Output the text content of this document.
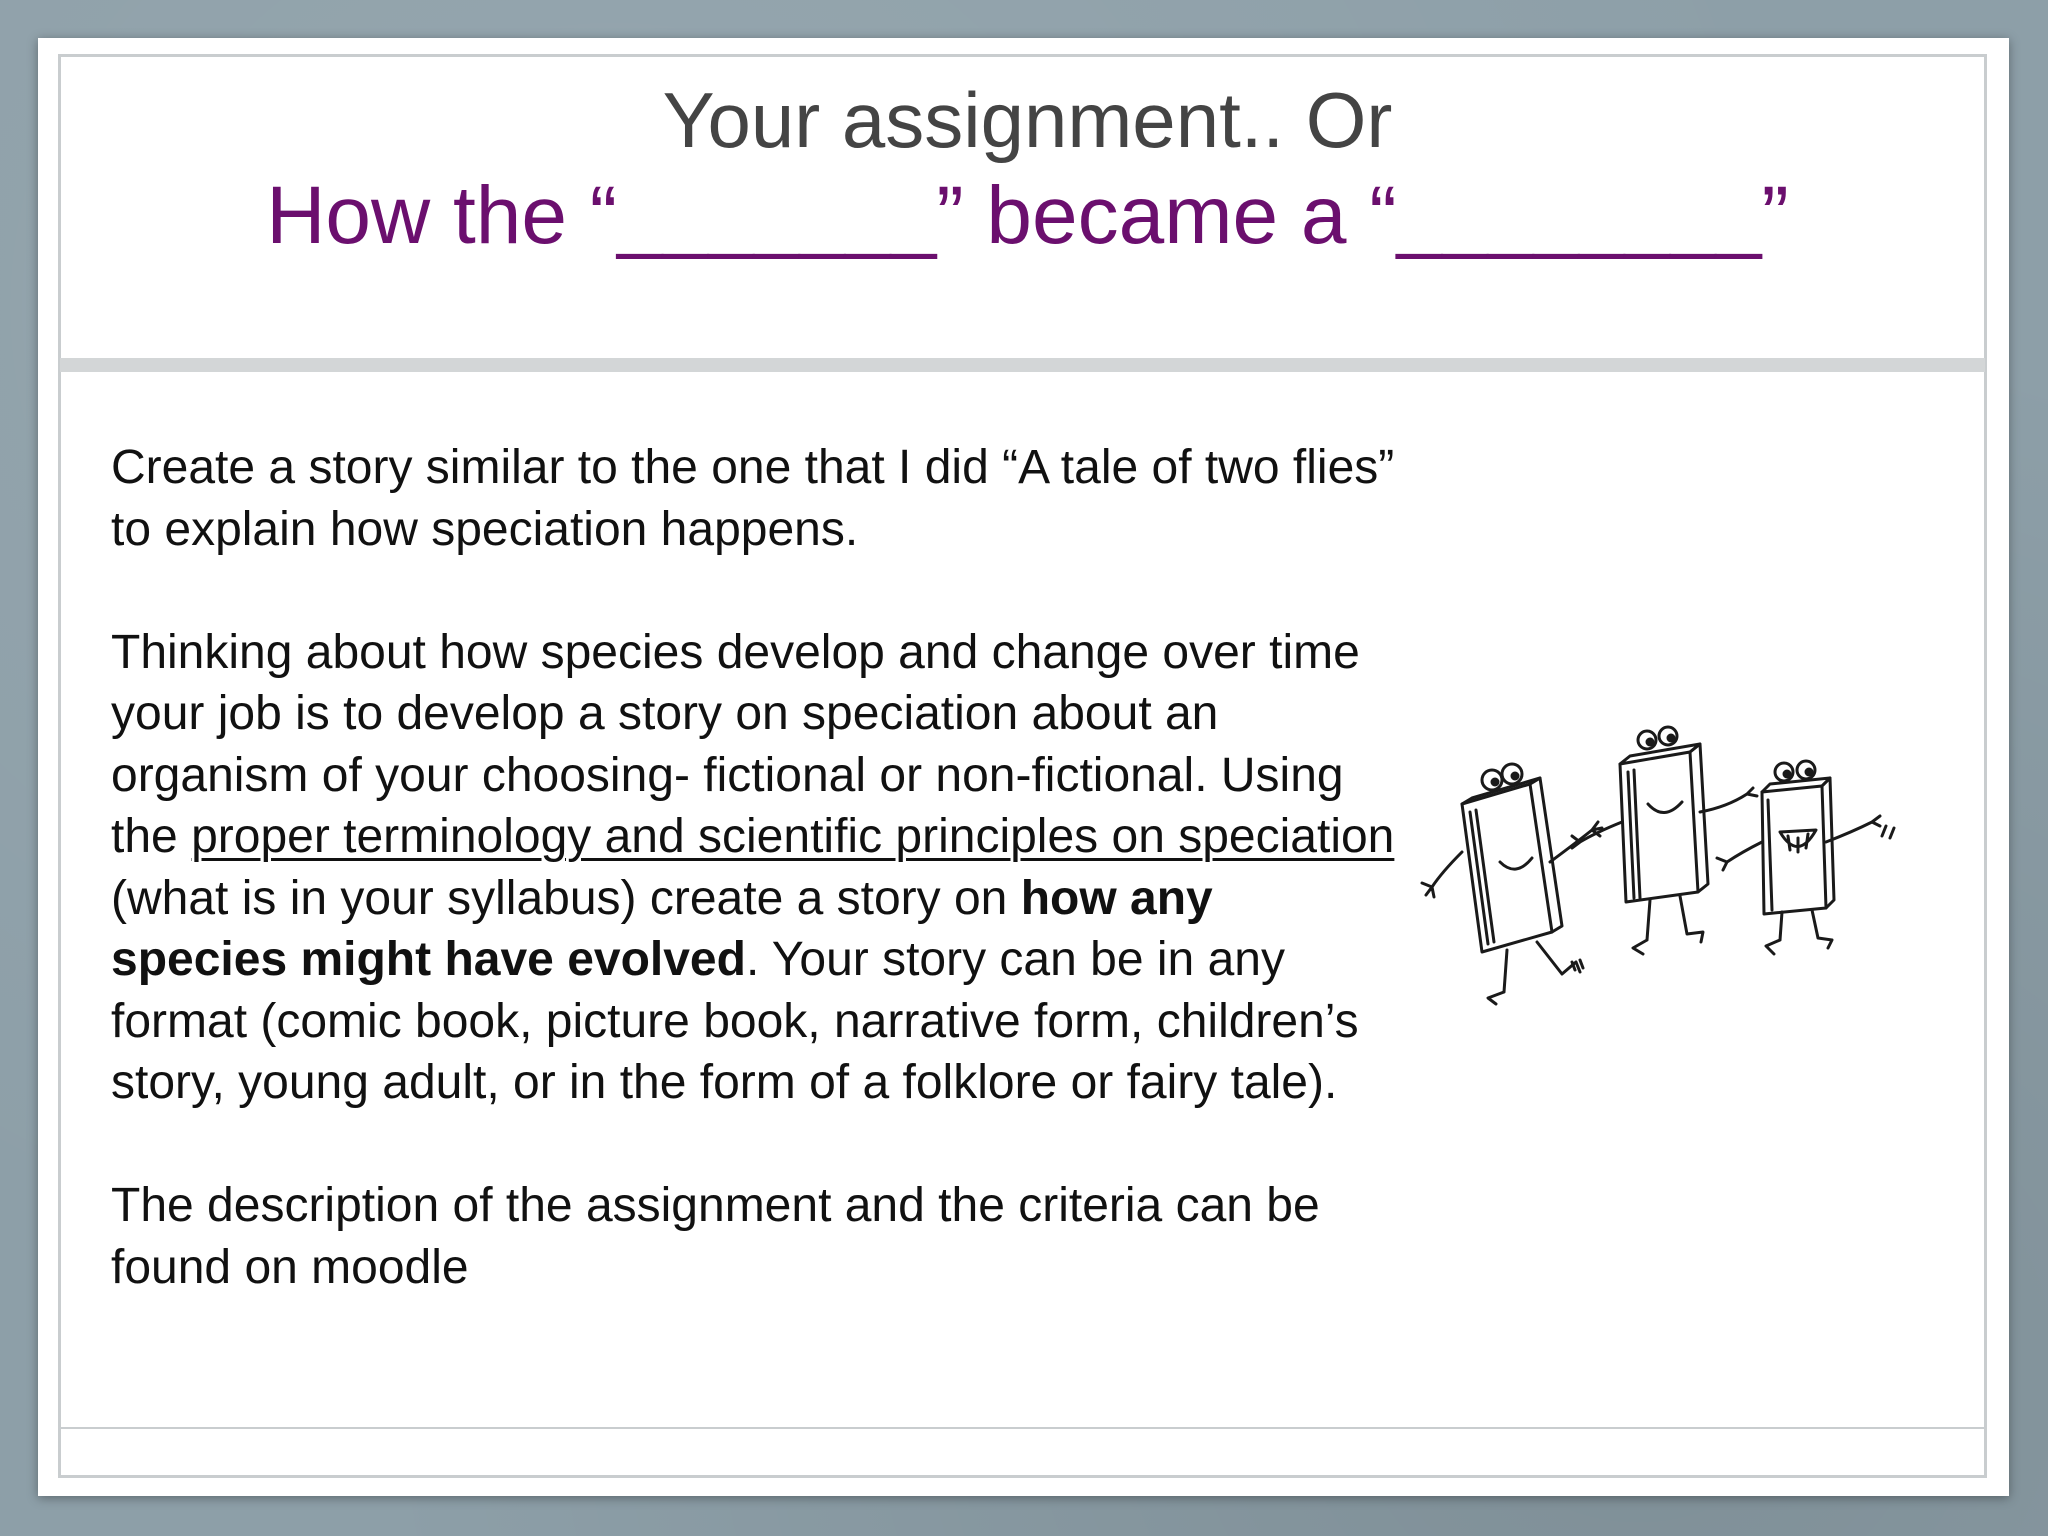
Your assignment.. Or
How the “_______” became a “________”

Create a story similar to the one that I did “A tale of two flies” to explain how speciation happens.

Thinking about how species develop and change over time your job is to develop a story on speciation about an organism of your choosing- fictional or non-fictional. Using the proper terminology and scientific principles on speciation (what is in your syllabus) create a story on how any species might have evolved. Your story can be in any format (comic book, picture book, narrative form, children’s story, young adult, or in the form of a folklore or fairy tale).

The description of the assignment and the criteria can be found on moodle
